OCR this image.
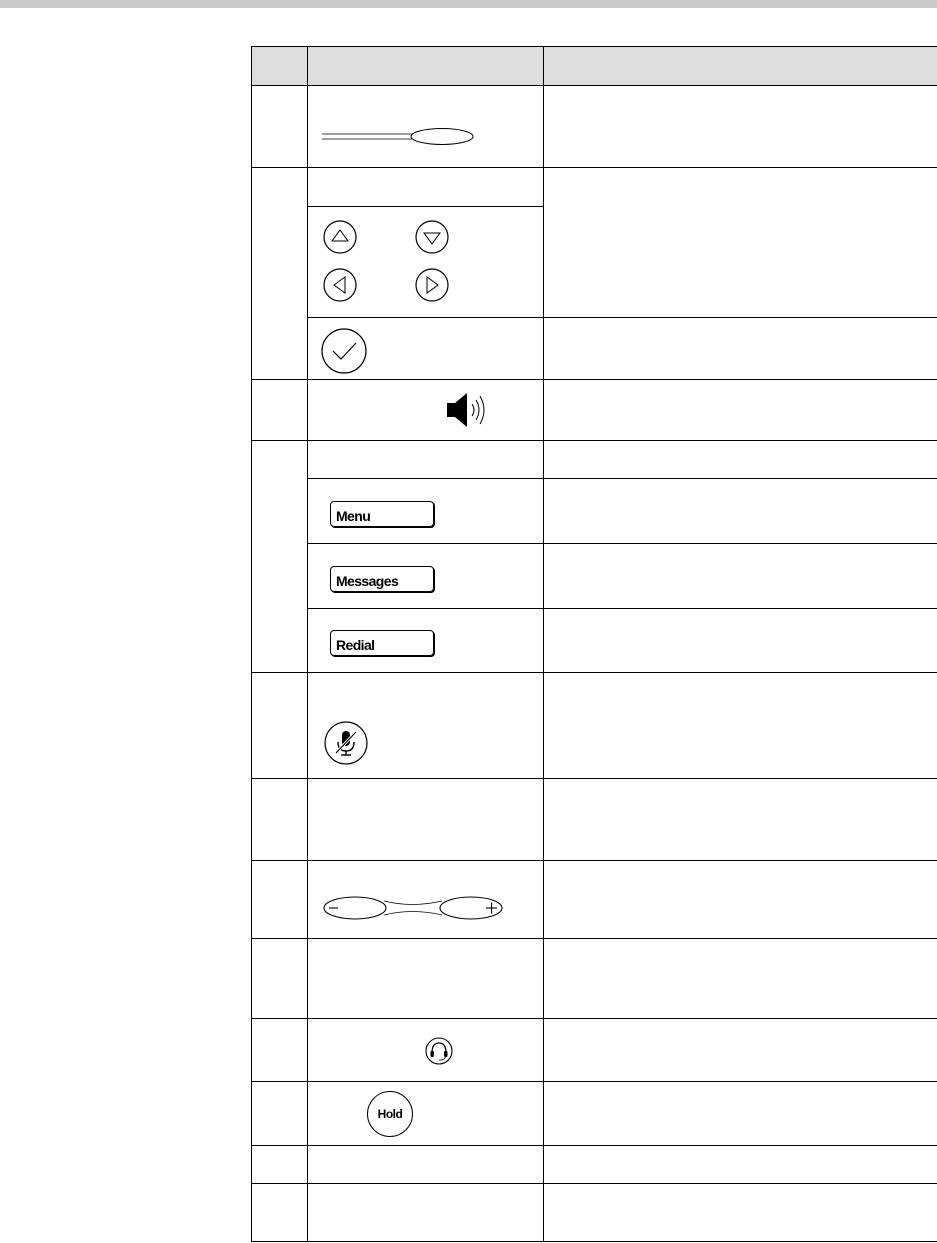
	Menu	

	Messages	

	Redial	

	Hold	
